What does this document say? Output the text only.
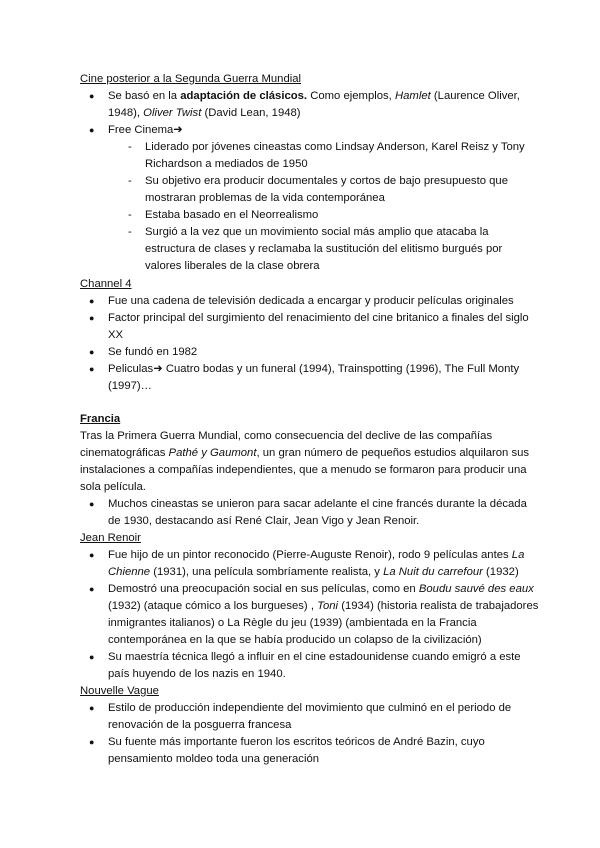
Cine posterior a la Segunda Guerra Mundial
● Se basó en la adaptación de clásicos. Como ejemplos, Hamlet (Laurence Oliver,
1948), Oliver Twist (David Lean, 1948)
● Free Cinema➜
- Liderado por jóvenes cineastas como Lindsay Anderson, Karel Reisz y Tony
Richardson a mediados de 1950
- Su objetivo era producir documentales y cortos de bajo presupuesto que
mostraran problemas de la vida contemporánea
- Estaba basado en el Neorrealismo
- Surgió a la vez que un movimiento social más amplio que atacaba la
estructura de clases y reclamaba la sustitución del elitismo burgués por
valores liberales de la clase obrera
Channel 4
● Fue una cadena de televisión dedicada a encargar y producir películas originales
● Factor principal del surgimiento del renacimiento del cine britanico a finales del siglo
XX
● Se fundó en 1982
● Peliculas➜ Cuatro bodas y un funeral (1994), Trainspotting (1996), The Full Monty
(1997)…
Francia
Tras la Primera Guerra Mundial, como consecuencia del declive de las compañías
cinematográficas Pathé y Gaumont, un gran número de pequeños estudios alquilaron sus
instalaciones a compañías independientes, que a menudo se formaron para producir una
sola película.
● Muchos cineastas se unieron para sacar adelante el cine francés durante la década
de 1930, destacando así René Clair, Jean Vigo y Jean Renoir.
Jean Renoir
● Fue hijo de un pintor reconocido (Pierre-Auguste Renoir), rodo 9 películas antes La
Chienne (1931), una película sombríamente realista, y La Nuit du carrefour (1932)
● Demostró una preocupación social en sus películas, como en Boudu sauvé des eaux
(1932) (ataque cómico a los burgueses) , Toni (1934) (historia realista de trabajadores
inmigrantes italianos) o La Règle du jeu (1939) (ambientada en la Francia
contemporánea en la que se había producido un colapso de la civilización)
● Su maestría técnica llegó a influir en el cine estadounidense cuando emigró a este
país huyendo de los nazis en 1940.
Nouvelle Vague
● Estilo de producción independiente del movimiento que culminó en el periodo de
renovación de la posguerra francesa
● Su fuente más importante fueron los escritos teóricos de André Bazin, cuyo
pensamiento moldeo toda una generación
